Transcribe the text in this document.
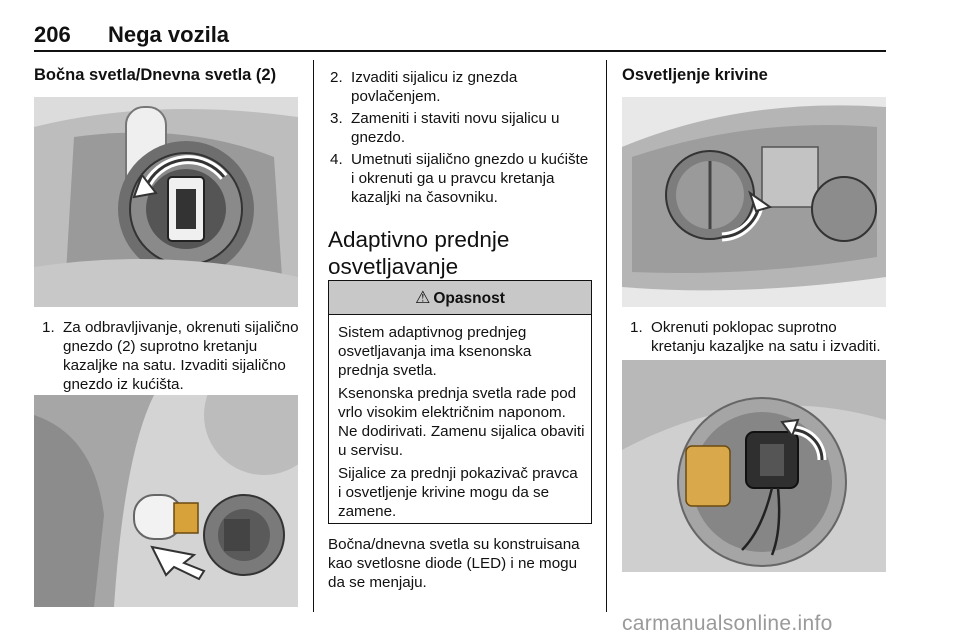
206 Nega vozila
Bočna svetla/Dnevna svetla (2)
1. Za odbravljivanje, okrenuti sijalično gnezdo (2) suprotno kretanju kazaljke na satu. Izvaditi sijalično gnezdo iz kućišta.
2. Izvaditi sijalicu iz gnezda povlačenjem.
3. Zameniti i staviti novu sijalicu u gnezdo.
4. Umetnuti sijalično gnezdo u kućište i okrenuti ga u pravcu kretanja kazaljki na časovniku.
Adaptivno prednje osvetljavanje
⚠ Opasnost
Sistem adaptivnog prednjeg osvetljavanja ima ksenonska prednja svetla.
Ksenonska prednja svetla rade pod vrlo visokim električnim naponom. Ne dodirivati. Zamenu sijalica obaviti u servisu.
Sijalice za prednji pokazivač pravca i osvetljenje krivine mogu da se zamene.
Bočna/dnevna svetla su konstruisana kao svetlosne diode (LED) i ne mogu da se menjaju.
Osvetljenje krivine
1. Okrenuti poklopac suprotno kretanju kazaljke na satu i izvaditi.
carmanualsonline.info
